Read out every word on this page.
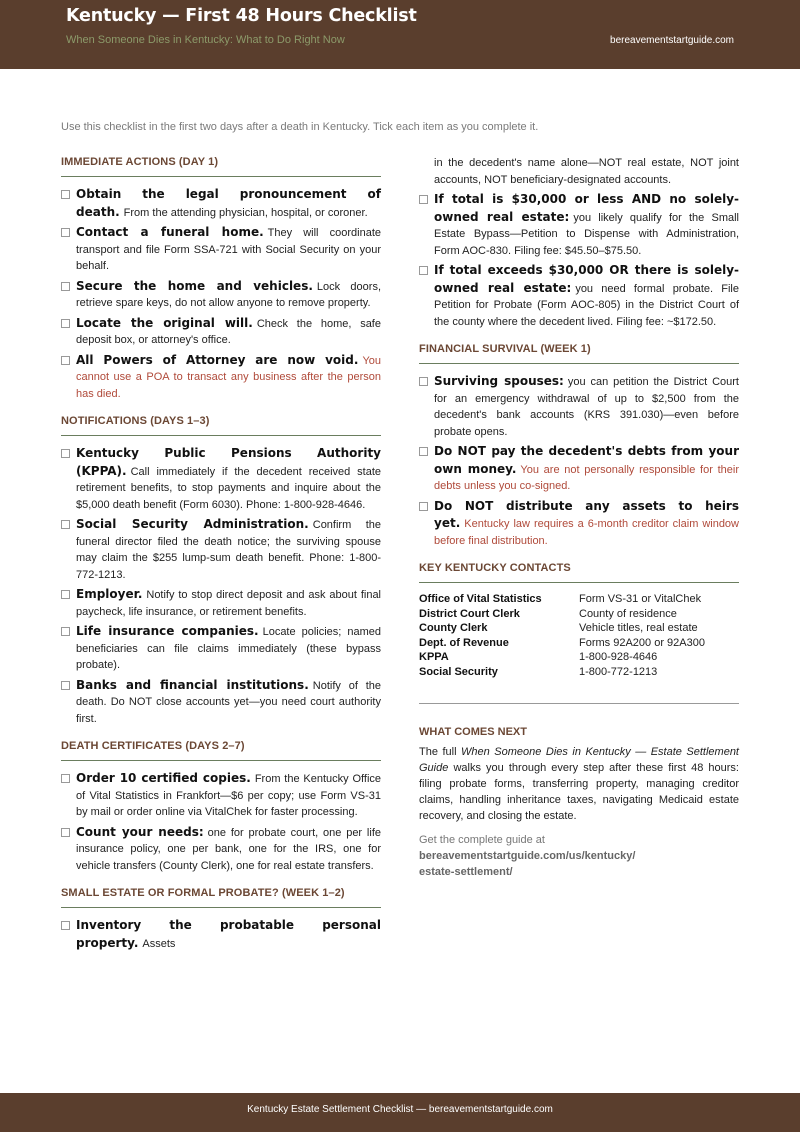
Kentucky — First 48 Hours Checklist
When Someone Dies in Kentucky: What to Do Right Now	bereavementstartguide.com
Use this checklist in the first two days after a death in Kentucky. Tick each item as you complete it.
IMMEDIATE ACTIONS (DAY 1)
Obtain the legal pronouncement of death. From the attending physician, hospital, or coroner.
Contact a funeral home. They will coordinate transport and file Form SSA-721 with Social Security on your behalf.
Secure the home and vehicles. Lock doors, retrieve spare keys, do not allow anyone to remove property.
Locate the original will. Check the home, safe deposit box, or attorney's office.
All Powers of Attorney are now void. You cannot use a POA to transact any business after the person has died.
NOTIFICATIONS (DAYS 1–3)
Kentucky Public Pensions Authority (KPPA). Call immediately if the decedent received state retirement benefits, to stop payments and inquire about the $5,000 death benefit (Form 6030). Phone: 1-800-928-4646.
Social Security Administration. Confirm the funeral director filed the death notice; the surviving spouse may claim the $255 lump-sum death benefit. Phone: 1-800-772-1213.
Employer. Notify to stop direct deposit and ask about final paycheck, life insurance, or retirement benefits.
Life insurance companies. Locate policies; named beneficiaries can file claims immediately (these bypass probate).
Banks and financial institutions. Notify of the death. Do NOT close accounts yet—you need court authority first.
DEATH CERTIFICATES (DAYS 2–7)
Order 10 certified copies. From the Kentucky Office of Vital Statistics in Frankfort—$6 per copy; use Form VS-31 by mail or order online via VitalChek for faster processing.
Count your needs: one for probate court, one per life insurance policy, one per bank, one for the IRS, one for vehicle transfers (County Clerk), one for real estate transfers.
SMALL ESTATE OR FORMAL PROBATE? (WEEK 1–2)
Inventory the probatable personal property. Assets
in the decedent's name alone—NOT real estate, NOT joint accounts, NOT beneficiary-designated accounts.
If total is $30,000 or less AND no solely-owned real estate: you likely qualify for the Small Estate Bypass—Petition to Dispense with Administration, Form AOC-830. Filing fee: $45.50–$75.50.
If total exceeds $30,000 OR there is solely-owned real estate: you need formal probate. File Petition for Probate (Form AOC-805) in the District Court of the county where the decedent lived. Filing fee: ~$172.50.
FINANCIAL SURVIVAL (WEEK 1)
Surviving spouses: you can petition the District Court for an emergency withdrawal of up to $2,500 from the decedent's bank accounts (KRS 391.030)—even before probate opens.
Do NOT pay the decedent's debts from your own money. You are not personally responsible for their debts unless you co-signed.
Do NOT distribute any assets to heirs yet. Kentucky law requires a 6-month creditor claim window before final distribution.
KEY KENTUCKY CONTACTS
Office of Vital Statistics	Form VS-31 or VitalChek
District Court Clerk	County of residence
County Clerk	Vehicle titles, real estate
Dept. of Revenue	Forms 92A200 or 92A300
KPPA	1-800-928-4646
Social Security	1-800-772-1213
WHAT COMES NEXT
The full When Someone Dies in Kentucky — Estate Settlement Guide walks you through every step after these first 48 hours: filing probate forms, transferring property, managing creditor claims, handling inheritance taxes, navigating Medicaid estate recovery, and closing the estate.
Get the complete guide at
bereavementstartguide.com/us/kentucky/
estate-settlement/
Kentucky Estate Settlement Checklist — bereavementstartguide.com
